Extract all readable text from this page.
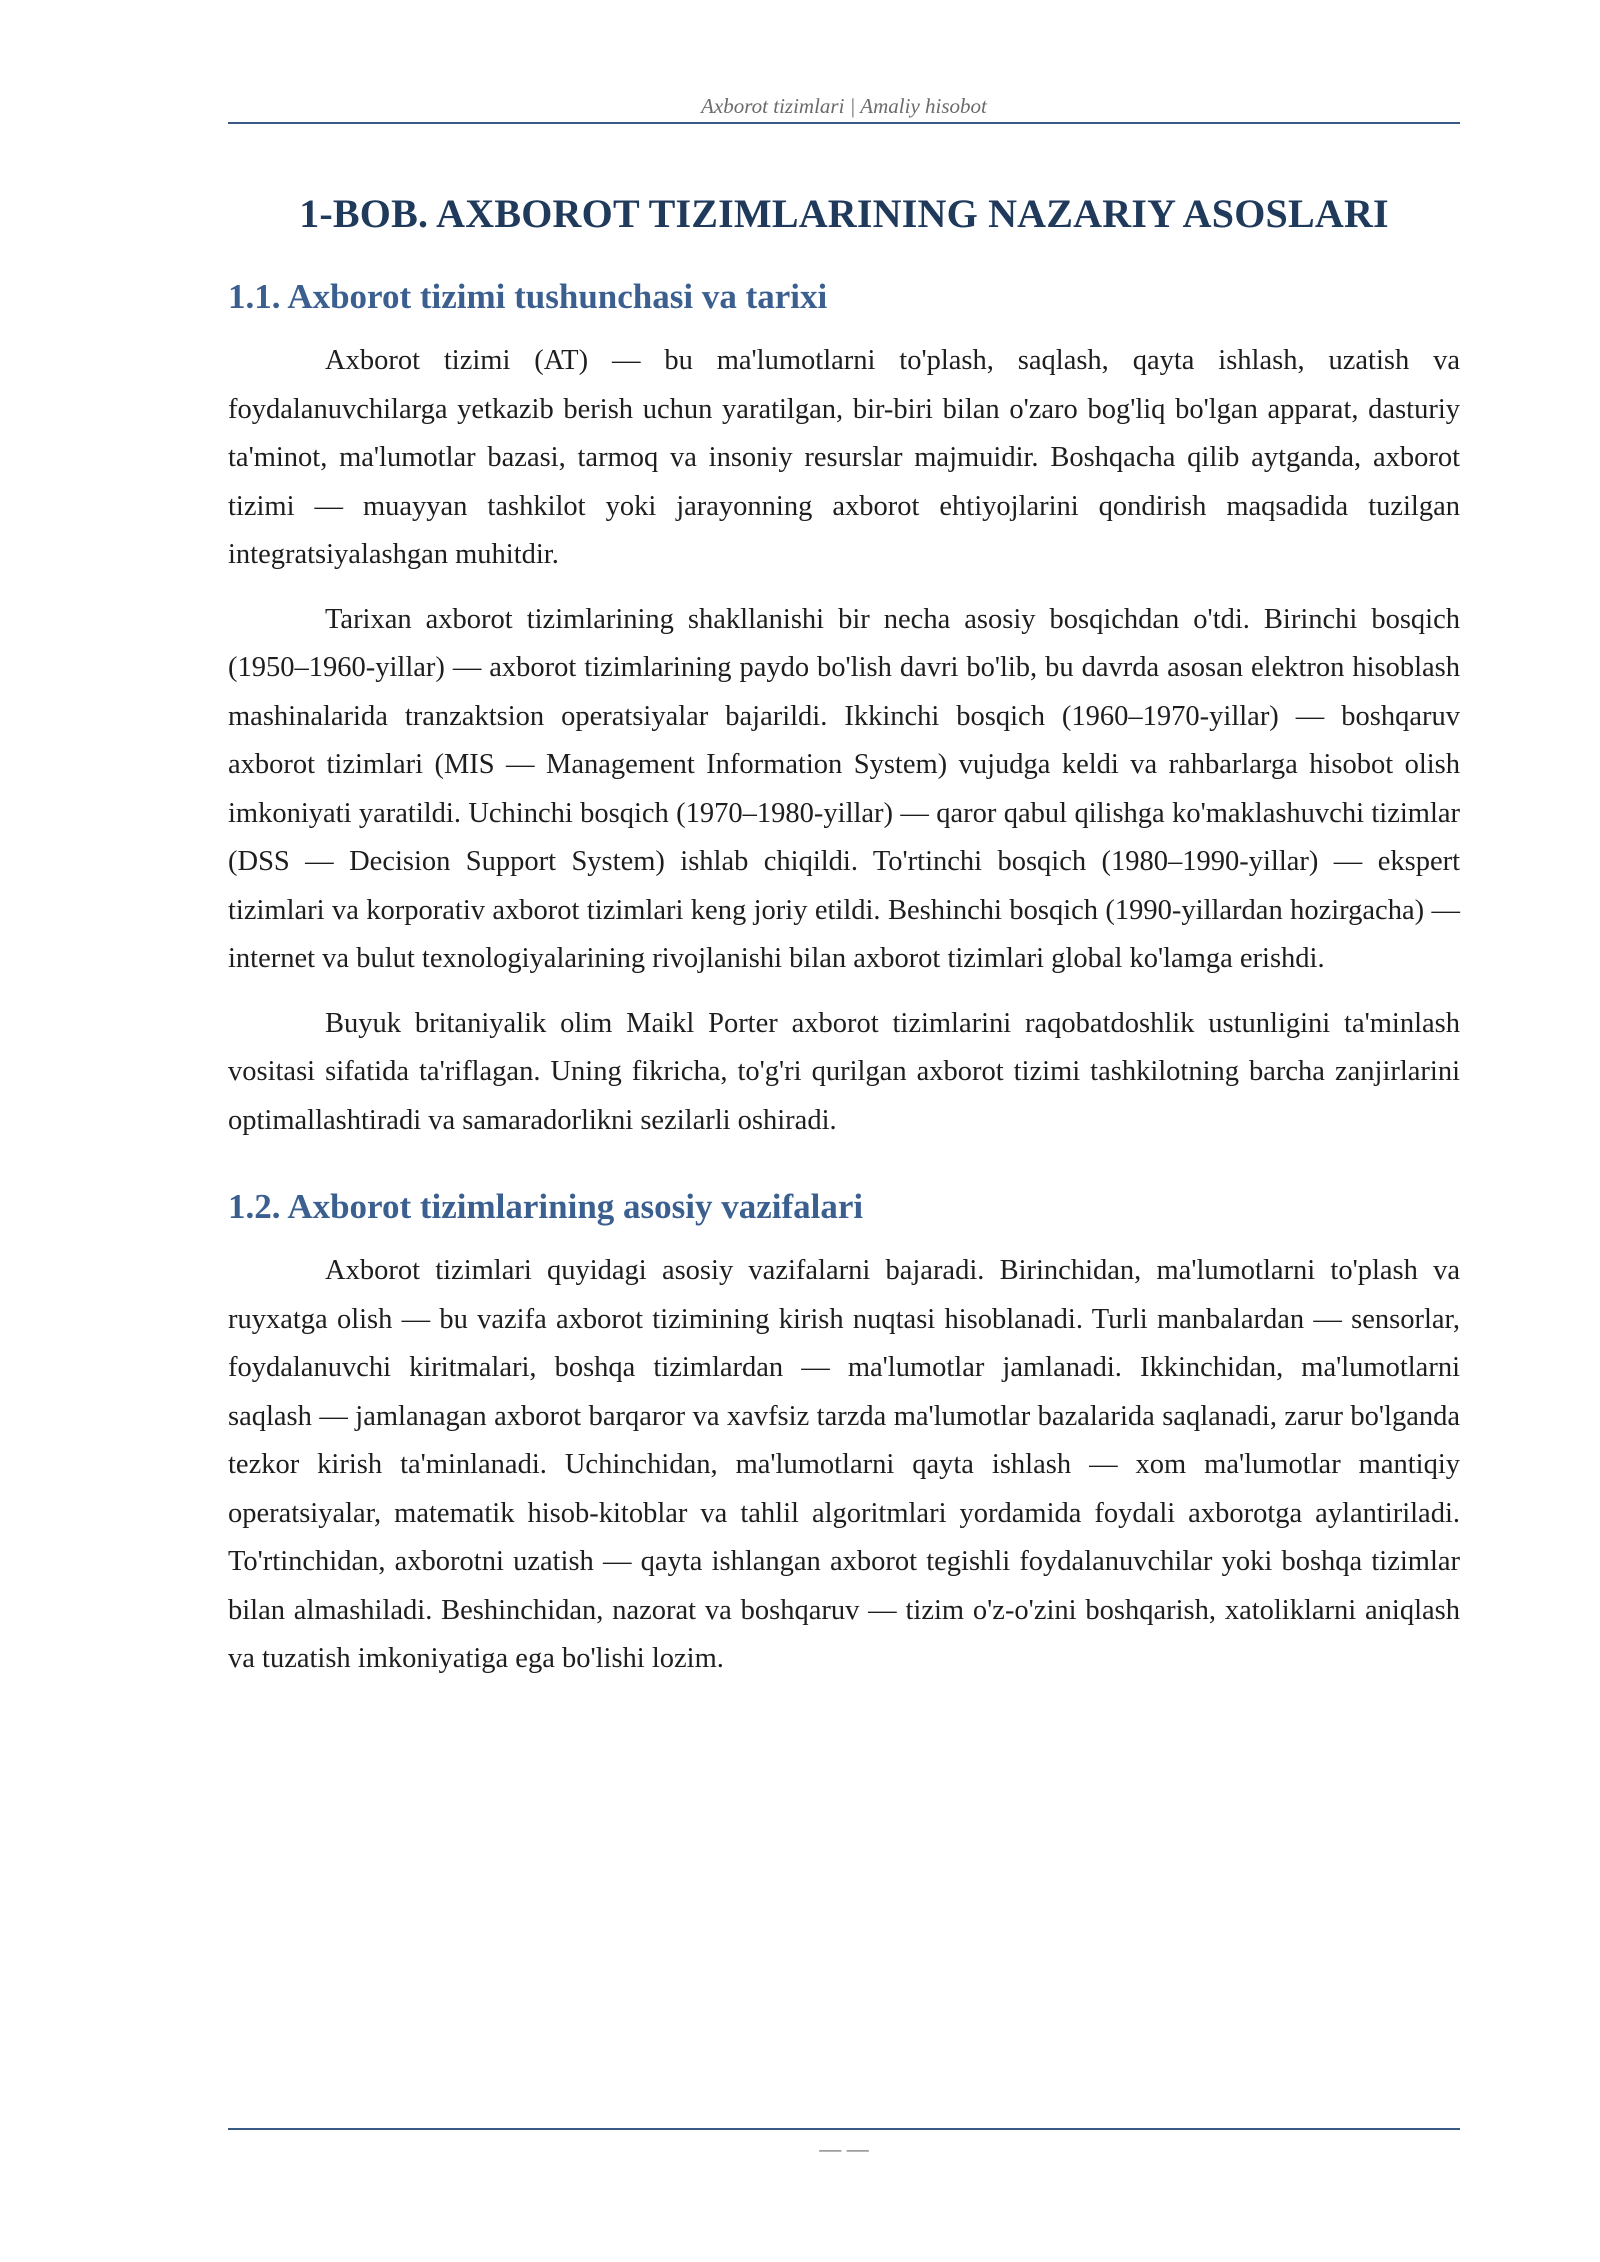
Axborot tizimlari | Amaliy hisobot
1-BOB. AXBOROT TIZIMLARINING NAZARIY ASOSLARI
1.1. Axborot tizimi tushunchasi va tarixi

Axborot tizimi (AT) — bu ma'lumotlarni to'plash, saqlash, qayta ishlash, uzatish va foydalanuvchilarga yetkazib berish uchun yaratilgan, bir-biri bilan o'zaro bog'liq bo'lgan apparat, dasturiy ta'minot, ma'lumotlar bazasi, tarmoq va insoniy resurslar majmuidir. Boshqacha qilib aytganda, axborot tizimi — muayyan tashkilot yoki jarayonning axborot ehtiyojlarini qondirish maqsadida tuzilgan integratsiyalashgan muhitdir.

Tarixan axborot tizimlarining shakllanishi bir necha asosiy bosqichdan o'tdi. Birinchi bosqich (1950–1960-yillar) — axborot tizimlarining paydo bo'lish davri bo'lib, bu davrda asosan elektron hisoblash mashinalarida tranzaktsion operatsiyalar bajarildi. Ikkinchi bosqich (1960–1970-yillar) — boshqaruv axborot tizimlari (MIS — Management Information System) vujudga keldi va rahbarlarga hisobot olish imkoniyati yaratildi. Uchinchi bosqich (1970–1980-yillar) — qaror qabul qilishga ko'maklashuvchi tizimlar (DSS — Decision Support System) ishlab chiqildi. To'rtinchi bosqich (1980–1990-yillar) — ekspert tizimlari va korporativ axborot tizimlari keng joriy etildi. Beshinchi bosqich (1990-yillardan hozirgacha) — internet va bulut texnologiyalarining rivojlanishi bilan axborot tizimlari global ko'lamga erishdi.

Buyuk britaniyalik olim Maikl Porter axborot tizimlarini raqobatdoshlik ustunligini ta'minlash vositasi sifatida ta'riflagan. Uning fikricha, to'g'ri qurilgan axborot tizimi tashkilotning barcha zanjirlarini optimallashtiradi va samaradorlikni sezilarli oshiradi.

1.2. Axborot tizimlarining asosiy vazifalari

Axborot tizimlari quyidagi asosiy vazifalarni bajaradi. Birinchidan, ma'lumotlarni to'plash va ruyxatga olish — bu vazifa axborot tizimining kirish nuqtasi hisoblanadi. Turli manbalardan — sensorlar, foydalanuvchi kiritmalari, boshqa tizimlardan — ma'lumotlar jamlanadi. Ikkinchidan, ma'lumotlarni saqlash — jamlanagan axborot barqaror va xavfsiz tarzda ma'lumotlar bazalarida saqlanadi, zarur bo'lganda tezkor kirish ta'minlanadi. Uchinchidan, ma'lumotlarni qayta ishlash — xom ma'lumotlar mantiqiy operatsiyalar, matematik hisob-kitoblar va tahlil algoritmlari yordamida foydali axborotga aylantiriladi. To'rtinchidan, axborotni uzatish — qayta ishlangan axborot tegishli foydalanuvchilar yoki boshqa tizimlar bilan almashiladi. Beshinchidan, nazorat va boshqaruv — tizim o'z-o'zini boshqarish, xatoliklarni aniqlash va tuzatish imkoniyatiga ega bo'lishi lozim.

— —
